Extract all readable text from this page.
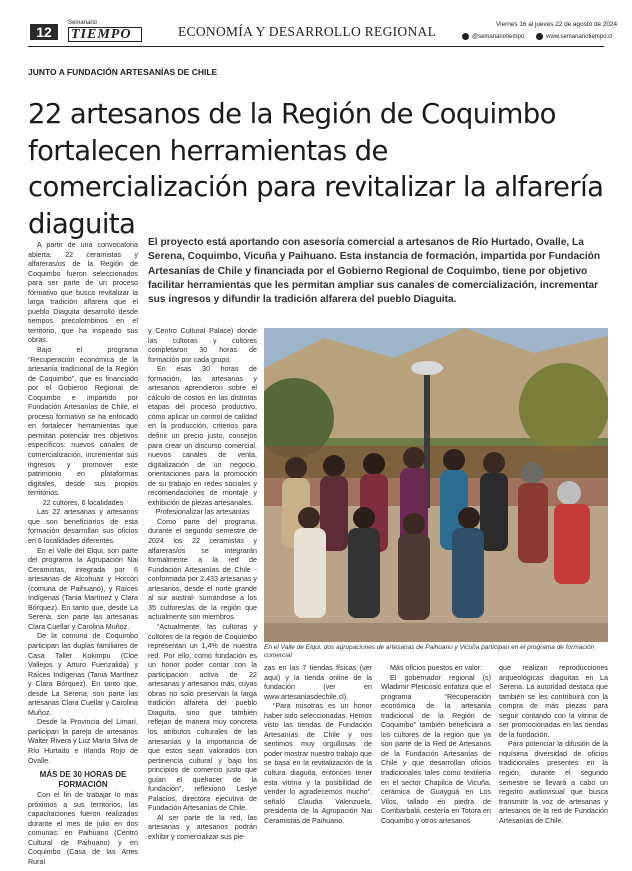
12
Semanario
TIEMPO	ECONOMÍA Y DESARROLLO REGIONAL	Viernes 16 al jueves 22 de agosto de 2024
@semanariotiempo	www.semanariotiempo.cl
JUNTO A FUNDACIÓN ARTESANÍAS DE CHILE
22 artesanos de la Región de Coquimbo fortalecen herramientas de comercialización para revitalizar la alfarería diaguita
El proyecto está aportando con asesoría comercial a artesanos de Río Hurtado, Ovalle, La Serena, Coquimbo, Vicuña y Paihuano. Esta instancia de formación, impartida por Fundación Artesanías de Chile y financiada por el Gobierno Regional de Coquimbo, tiene por objetivo facilitar herramientas que les permitan ampliar sus canales de comercialización, incrementar sus ingresos y difundir la tradición alfarera del pueblo Diaguita.

A partir de una convocatoria abierta, 22 ceramistas y alfareras/os de la Región de Coquimbo fueron seleccionados para ser parte de un proceso formativo que busca revitalizar la larga tradición alfarera que el pueblo Diaguita desarrolló desde tiempos precolombinos en el territorio, que ha inspirado sus obras.

Bajo el programa “Recuperación económica de la artesanía tradicional de la Región de Coquimbo”, que es financiado por el Gobierno Regional de Coquimbo e impartido por Fundación Artesanías de Chile, el proceso formativo se ha enfocado en fortalecer herramientas que permitan potenciar tres objetivos específicos: nuevos canales de comercialización, incrementar sus ingresos y promover este patrimonio en plataformas digitales, desde sus propios territorios.

22 cultores, 6 localidades

Las 22 artesanas y artesanos que son beneficiarios de esta formación desarrollan sus oficios en 6 localidades diferentes.

En el Valle del Elqui, son parte del programa la Agrupación Nai Ceramistas, integrada por 6 artesanas de Alcohuaz y Horcón (comuna de Paihuano), y Raíces Indígenas (Tania Martínez y Clara Bórquez). En tanto que, desde La Serena, son parte las artesanas Clara Cuellar y Carolina Muñoz.

De la comuna de Coquimbo participan las duplas familiares de Casa Taller Kokimpu (Cloe Vallejos y Arturo Fuenzalida) y Raíces Indígenas (Tania Martínez y Clara Bórquez). En tanto que, desde La Serena, son parte las artesanas Clara Cuellar y Carolina Muñoz.

Desde la Provincia del Limarí, participan la pareja de artesanos Walter Rivera y Luz María Silva de Río Hurtado e Irlanda Rojo de Ovalle.

MÁS DE 30 HORAS DE FORMACIÓN

Con el fin de trabajar lo más próximos a sus territorios, las capacitaciones fueron realizadas durante el mes de julio en dos comunas: en Paihuano (Centro Cultural de Paihuano) y en Coquimbo (Casa de las Artes Rural

y Centro Cultural Palace) donde las cultoras y cultores completaron 30 horas de formación por cada grupo.

En esas 30 horas de formación, las artesanas y artesanos aprendieron sobre el cálculo de costos en las distintas etapas del proceso productivo, cómo aplicar un control de calidad en la producción, criterios para definir un precio justo, consejos para crear un discurso comercial, nuevos canales de venta, digitalización de un negocio, orientaciones para la promoción de su trabajo en redes sociales y recomendaciones de montaje y exhibición de piezas artesanales.

Profesionalizar las artesanías

Como parte del programa, durante el segundo semestre de 2024 los 22 ceramistas y alfareras/os se integrarán formalmente a la red de Fundación Artesanías de Chile -conformada por 2.433 artesanas y artesanos, desde el norte grande al sur austral- sumándose a los 35 cultores/as de la región que actualmente son miembros.

“Actualmente, las cultoras y cultores de la región de Coquimbo representan un 1,4% de nuestra red. Por ello, como fundación es un honor poder contar con la participación activa de 22 artesanas y artesanos más, cuyas obras no solo preservan la larga tradición alfarera del pueblo Diaguita, sino que también reflejan de manera muy concreta los atributos culturales de las artesanías y la importancia de que estos sean valorados con pertinencia cultural y bajo los principios de comercio justo que guían el quehacer de la fundación”, reflexionó Leslye Palacios, directora ejecutiva de Fundación Artesanías de Chile.

Al ser parte de la red, las artesanas y artesanos podrán exhibir y comercializar sus pie-

En el Valle de Elqui, dos agrupaciones de artesanas de Paihuano y Vicuña participan en el programa de formación comercial

zas en las 7 tiendas físicas (ver aquí) y la tienda online de la fundación (ver en www.artesaniasdechile.cl).

“Para nosotras es un honor haber sido seleccionadas. Hemos visto las tiendas de Fundación Artesanías de Chile y nos sentimos muy orgullosas de poder mostrar nuestro trabajo que se basa en la revitalización de la cultura diaguita, entonces tener esta vitrina y la posibilidad de vender lo agradecemos mucho”, señaló Claudia Valenzuela, presidenta de la Agrupación Nai Ceramistas de Paihuano.

Más oficios puestos en valor:

El gobernador regional (s) Wladimir Pleticosic enfatiza que el programa “Recuperación económica de la artesanía tradicional de la Región de Coquimbo” también beneficiará a los cultores de la región que ya son parte de la Red de Artesanos de la Fundación Artesanías de Chile y que desarrollan oficios tradicionales tales como textilería en el sector Chapilca de Vicuña, cerámica de Guayguá en Los Vilos, tallado en piedra de Combarbalá, cestería en Totora en Coquimbo y otros artesanos

que realizan reproducciones arqueológicas diaguitas en La Serena. La autoridad destaca que también se les contribuirá con la compra de más piezas para seguir contando con la vitrina de ser promocionadas en las tiendas de la fundación.

Para potenciar la difusión de la riquísima diversidad de oficios tradicionales presentes en la región, durante el segundo semestre se llevará a cabo un registro audiovisual que busca transmitir la voz de artesanas y artesanos de la red de Fundación Artesanías de Chile.
